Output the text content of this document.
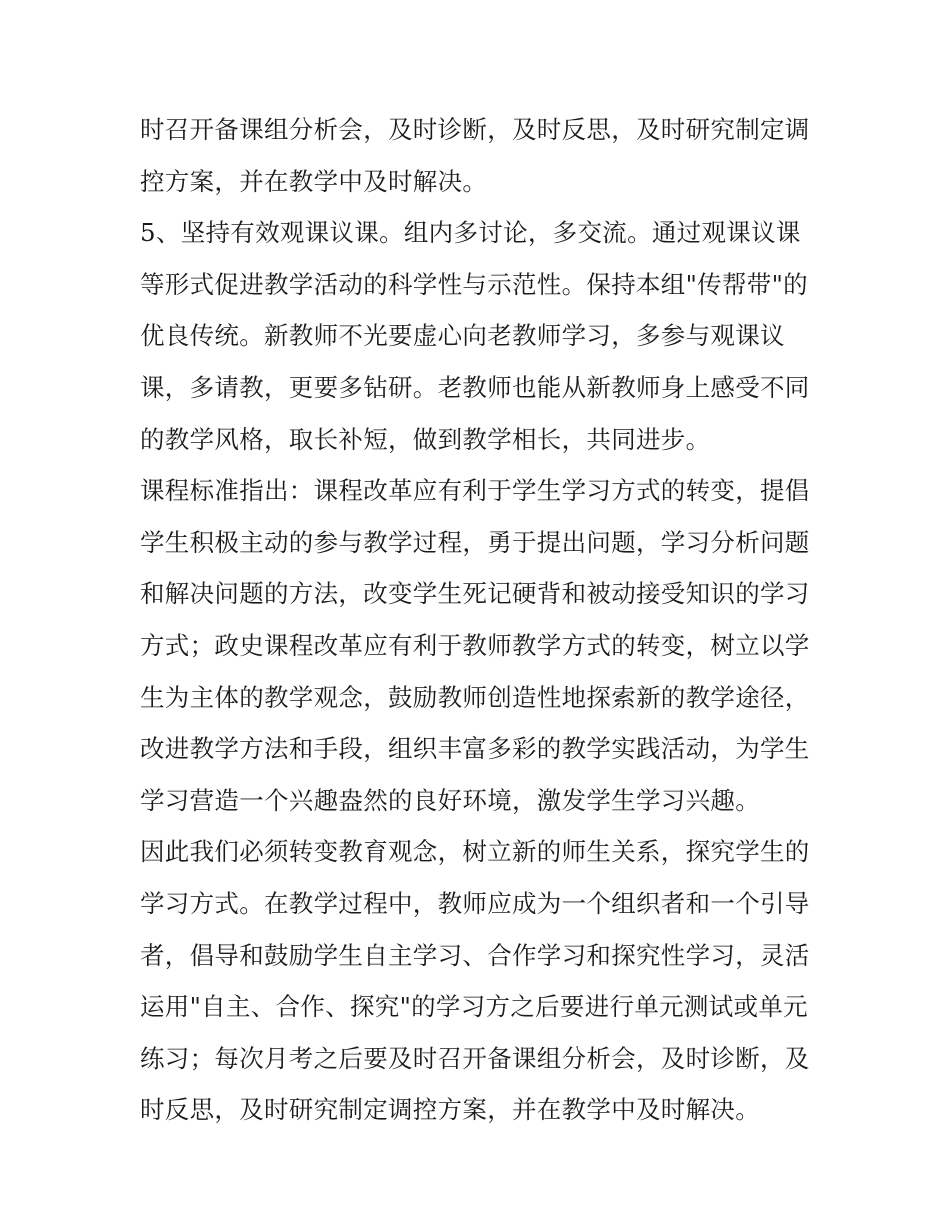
时召开备课组分析会，及时诊断，及时反思，及时研究制定调
控方案，并在教学中及时解决。
5、坚持有效观课议课。组内多讨论，多交流。通过观课议课
等形式促进教学活动的科学性与示范性。保持本组"传帮带"的
优良传统。新教师不光要虚心向老教师学习，多参与观课议
课，多请教，更要多钻研。老教师也能从新教师身上感受不同
的教学风格，取长补短，做到教学相长，共同进步。
课程标准指出：课程改革应有利于学生学习方式的转变，提倡
学生积极主动的参与教学过程，勇于提出问题，学习分析问题
和解决问题的方法，改变学生死记硬背和被动接受知识的学习
方式；政史课程改革应有利于教师教学方式的转变，树立以学
生为主体的教学观念，鼓励教师创造性地探索新的教学途径，
改进教学方法和手段，组织丰富多彩的教学实践活动，为学生
学习营造一个兴趣盎然的良好环境，激发学生学习兴趣。
因此我们必须转变教育观念，树立新的师生关系，探究学生的
学习方式。在教学过程中，教师应成为一个组织者和一个引导
者，倡导和鼓励学生自主学习、合作学习和探究性学习，灵活
运用"自主、合作、探究"的学习方之后要进行单元测试或单元
练习；每次月考之后要及时召开备课组分析会，及时诊断，及
时反思，及时研究制定调控方案，并在教学中及时解决。
